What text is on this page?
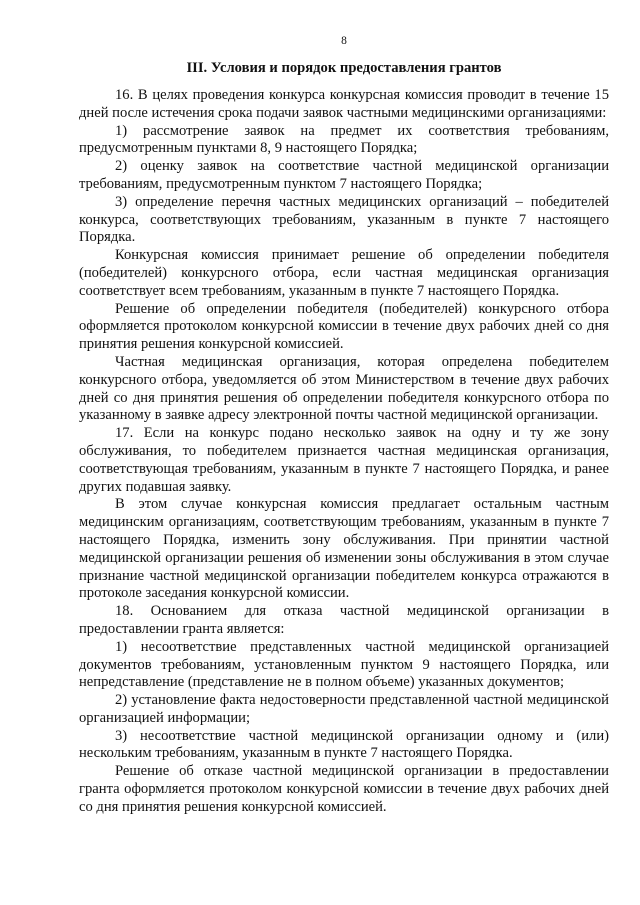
8
III. Условия и порядок предоставления грантов

16. В целях проведения конкурса конкурсная комиссия проводит в течение 15 дней после истечения срока подачи заявок частными медицинскими организациями:

1) рассмотрение заявок на предмет их соответствия требованиям, предусмотренным пунктами 8, 9 настоящего Порядка;

2) оценку заявок на соответствие частной медицинской организации требованиям, предусмотренным пунктом 7 настоящего Порядка;

3) определение перечня частных медицинских организаций – победителей конкурса, соответствующих требованиям, указанным в пункте 7 настоящего Порядка.

Конкурсная комиссия принимает решение об определении победителя (победителей) конкурсного отбора, если частная медицинская организация соответствует всем требованиям, указанным в пункте 7 настоящего Порядка.

Решение об определении победителя (победителей) конкурсного отбора оформляется протоколом конкурсной комиссии в течение двух рабочих дней со дня принятия решения конкурсной комиссией.

Частная медицинская организация, которая определена победителем конкурсного отбора, уведомляется об этом Министерством в течение двух рабочих дней со дня принятия решения об определении победителя конкурсного отбора по указанному в заявке адресу электронной почты частной медицинской организации.

17. Если на конкурс подано несколько заявок на одну и ту же зону обслуживания, то победителем признается частная медицинская организация, соответствующая требованиям, указанным в пункте 7 настоящего Порядка, и ранее других подавшая заявку.

В этом случае конкурсная комиссия предлагает остальным частным медицинским организациям, соответствующим требованиям, указанным в пункте 7 настоящего Порядка, изменить зону обслуживания. При принятии частной медицинской организации решения об изменении зоны обслуживания в этом случае признание частной медицинской организации победителем конкурса отражаются в протоколе заседания конкурсной комиссии.

18. Основанием для отказа частной медицинской организации в предоставлении гранта является:

1) несоответствие представленных частной медицинской организацией документов требованиям, установленным пунктом 9 настоящего Порядка, или непредставление (представление не в полном объеме) указанных документов;

2) установление факта недостоверности представленной частной медицинской организацией информации;

3) несоответствие частной медицинской организации одному и (или) нескольким требованиям, указанным в пункте 7 настоящего Порядка.

Решение об отказе частной медицинской организации в предоставлении гранта оформляется протоколом конкурсной комиссии в течение двух рабочих дней со дня принятия решения конкурсной комиссией.
